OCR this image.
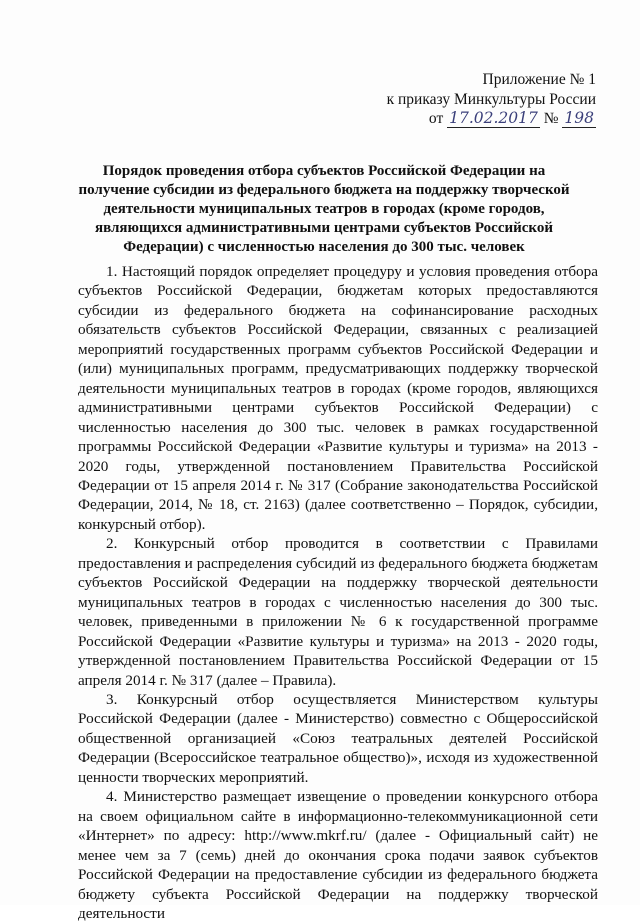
Приложение № 1
к приказу Минкультуры России
от 17.02.2017 № 198
Порядок проведения отбора субъектов Российской Федерации на получение субсидии из федерального бюджета на поддержку творческой деятельности муниципальных театров в городах (кроме городов, являющихся административными центрами субъектов Российской Федерации) с численностью населения до 300 тыс. человек

1. Настоящий порядок определяет процедуру и условия проведения отбора субъектов Российской Федерации, бюджетам которых предоставляются субсидии из федерального бюджета на софинансирование расходных обязательств субъектов Российской Федерации, связанных с реализацией мероприятий государственных программ субъектов Российской Федерации и (или) муниципальных программ, предусматривающих поддержку творческой деятельности муниципальных театров в городах (кроме городов, являющихся административными центрами субъектов Российской Федерации) с численностью населения до 300 тыс. человек в рамках государственной программы Российской Федерации «Развитие культуры и туризма» на 2013 - 2020 годы, утвержденной постановлением Правительства Российской Федерации от 15 апреля 2014 г. № 317 (Собрание законодательства Российской Федерации, 2014, № 18, ст. 2163) (далее соответственно – Порядок, субсидии, конкурсный отбор).

2. Конкурсный отбор проводится в соответствии с Правилами предоставления и распределения субсидий из федерального бюджета бюджетам субъектов Российской Федерации на поддержку творческой деятельности муниципальных театров в городах с численностью населения до 300 тыс. человек, приведенными в приложении № 6 к государственной программе Российской Федерации «Развитие культуры и туризма» на 2013 - 2020 годы, утвержденной постановлением Правительства Российской Федерации от 15 апреля 2014 г. № 317 (далее – Правила).

3. Конкурсный отбор осуществляется Министерством культуры Российской Федерации (далее - Министерство) совместно с Общероссийской общественной организацией «Союз театральных деятелей Российской Федерации (Всероссийское театральное общество)», исходя из художественной ценности творческих мероприятий.

4. Министерство размещает извещение о проведении конкурсного отбора на своем официальном сайте в информационно-телекоммуникационной сети «Интернет» по адресу: http://www.mkrf.ru/ (далее - Официальный сайт) не менее чем за 7 (семь) дней до окончания срока подачи заявок субъектов Российской Федерации на предоставление субсидии из федерального бюджета бюджету субъекта Российской Федерации на поддержку творческой деятельности
